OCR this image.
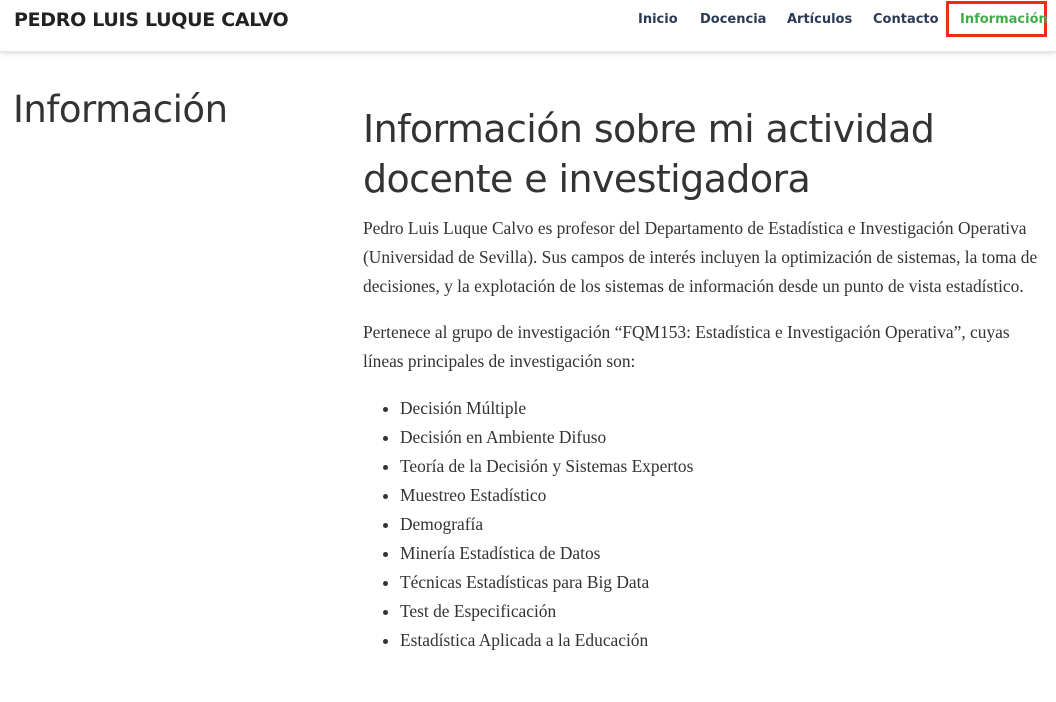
PEDRO LUIS LUQUE CALVO	Inicio Docencia Artículos Contacto Información
Información	Información sobre mi actividad docente e investigadora

Pedro Luis Luque Calvo es profesor del Departamento de Estadística e Investigación Operativa (Universidad de Sevilla). Sus campos de interés incluyen la optimización de sistemas, la toma de decisiones, y la explotación de los sistemas de información desde un punto de vista estadístico.

Pertenece al grupo de investigación “FQM153: Estadística e Investigación Operativa”, cuyas líneas principales de investigación son:

• Decisión Múltiple
• Decisión en Ambiente Difuso
• Teoría de la Decisión y Sistemas Expertos
• Muestreo Estadístico
• Demografía
• Minería Estadística de Datos
• Técnicas Estadísticas para Big Data
• Test de Especificación
• Estadística Aplicada a la Educación
